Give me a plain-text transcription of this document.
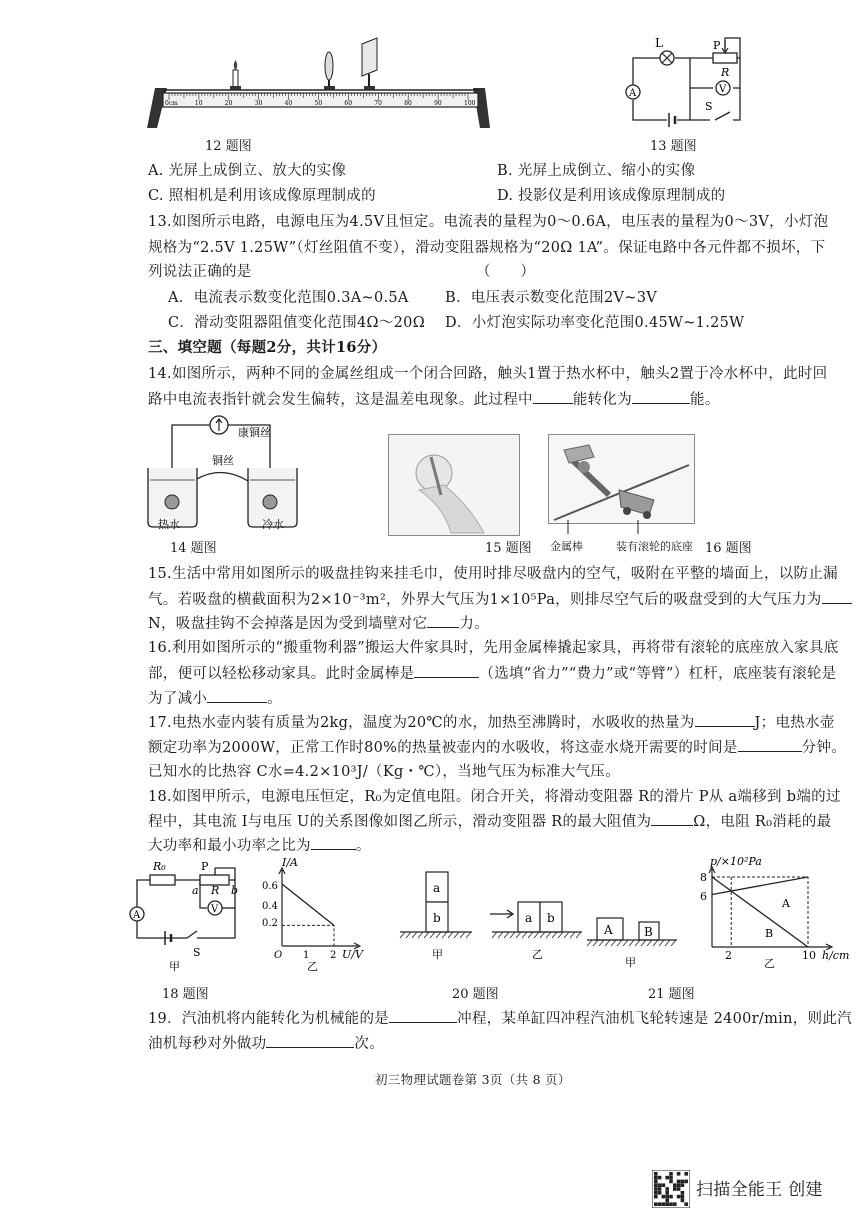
0cm	10	20	30	40	50	60	70	80	90	100
12 题图
L	P
R
A	V
S
13 题图
A. 光屏上成倒立、放大的实像	B. 光屏上成倒立、缩小的实像
C. 照相机是利用该成像原理制成的	D. 投影仪是利用该成像原理制成的
13.如图所示电路，电源电压为4.5V且恒定。电流表的量程为0～0.6A，电压表的量程为0～3V，小灯泡
规格为“2.5V 1.25W”（灯丝阻值不变），滑动变阻器规格为“20Ω 1A”。保证电路中各元件都不损坏，下
列说法正确的是	（　　）
A．电流表示数变化范围0.3A~0.5A	B．电压表示数变化范围2V~3V
C．滑动变阻器阻值变化范围4Ω～20Ω D．小灯泡实际功率变化范围0.45W~1.25W
三、填空题（每题2分，共计16分）
14.如图所示，两种不同的金属丝组成一个闭合回路，触头1置于热水杯中，触头2置于冷水杯中，此时回
路中电流表指针就会发生偏转，这是温差电现象。此过程中	能转化为	能。
康铜丝
铜丝
热水	冷水
14 题图	15 题图 金属棒	装有滚轮的底座 16 题图
15.生活中常用如图所示的吸盘挂钩来挂毛巾，使用时排尽吸盘内的空气，吸附在平整的墙面上，以防止漏
气。若吸盘的横截面积为2×10⁻³m²，外界大气压为1×10⁵Pa，则排尽空气后的吸盘受到的大气压力为
N，吸盘挂钩不会掉落是因为受到墙壁对它 力。
16.利用如图所示的“搬重物利器”搬运大件家具时，先用金属棒撬起家具，再将带有滚轮的底座放入家具底
部，便可以轻松移动家具。此时金属棒是	（选填“省力”“费力”或“等臂”）杠杆，底座装有滚轮是
为了减小	。
17.电热水壶内装有质量为2kg，温度为20℃的水，加热至沸腾时，水吸收的热量为	J；电热水壶
额定功率为2000W，正常工作时80%的热量被壶内的水吸收，将这壶水烧开需要的时间是	分钟。
已知水的比热容 C水=4.2×10³J/（Kg・℃），当地气压为标准大气压。
18.如图甲所示，电源电压恒定，R₀为定值电阻。闭合开关，将滑动变阻器 R的滑片 P从 a端移到 b端的过
程中，其电流 I与电压 U的关系图像如图乙所示，滑动变阻器 R的最大阻值为	Ω，电阻 R₀消耗的最
大功率和最小功率之比为	。
R₀	P
a R b
A
V
S
甲
I/A
U/V
0.6
0.4
0.2
O 1 2
乙
18 题图
a
b	a b
甲	乙
20 题图
A	B
甲
p/×10²Pa
h/cm
8
6
2	10
A
B
乙
21 题图
19．汽油机将内能转化为机械能的是	冲程，某单缸四冲程汽油机飞轮转速是 2400r/min，则此汽
油机每秒对外做功	次。
初三物理试题卷第 3页（共 8 页）
扫描全能王 创建
